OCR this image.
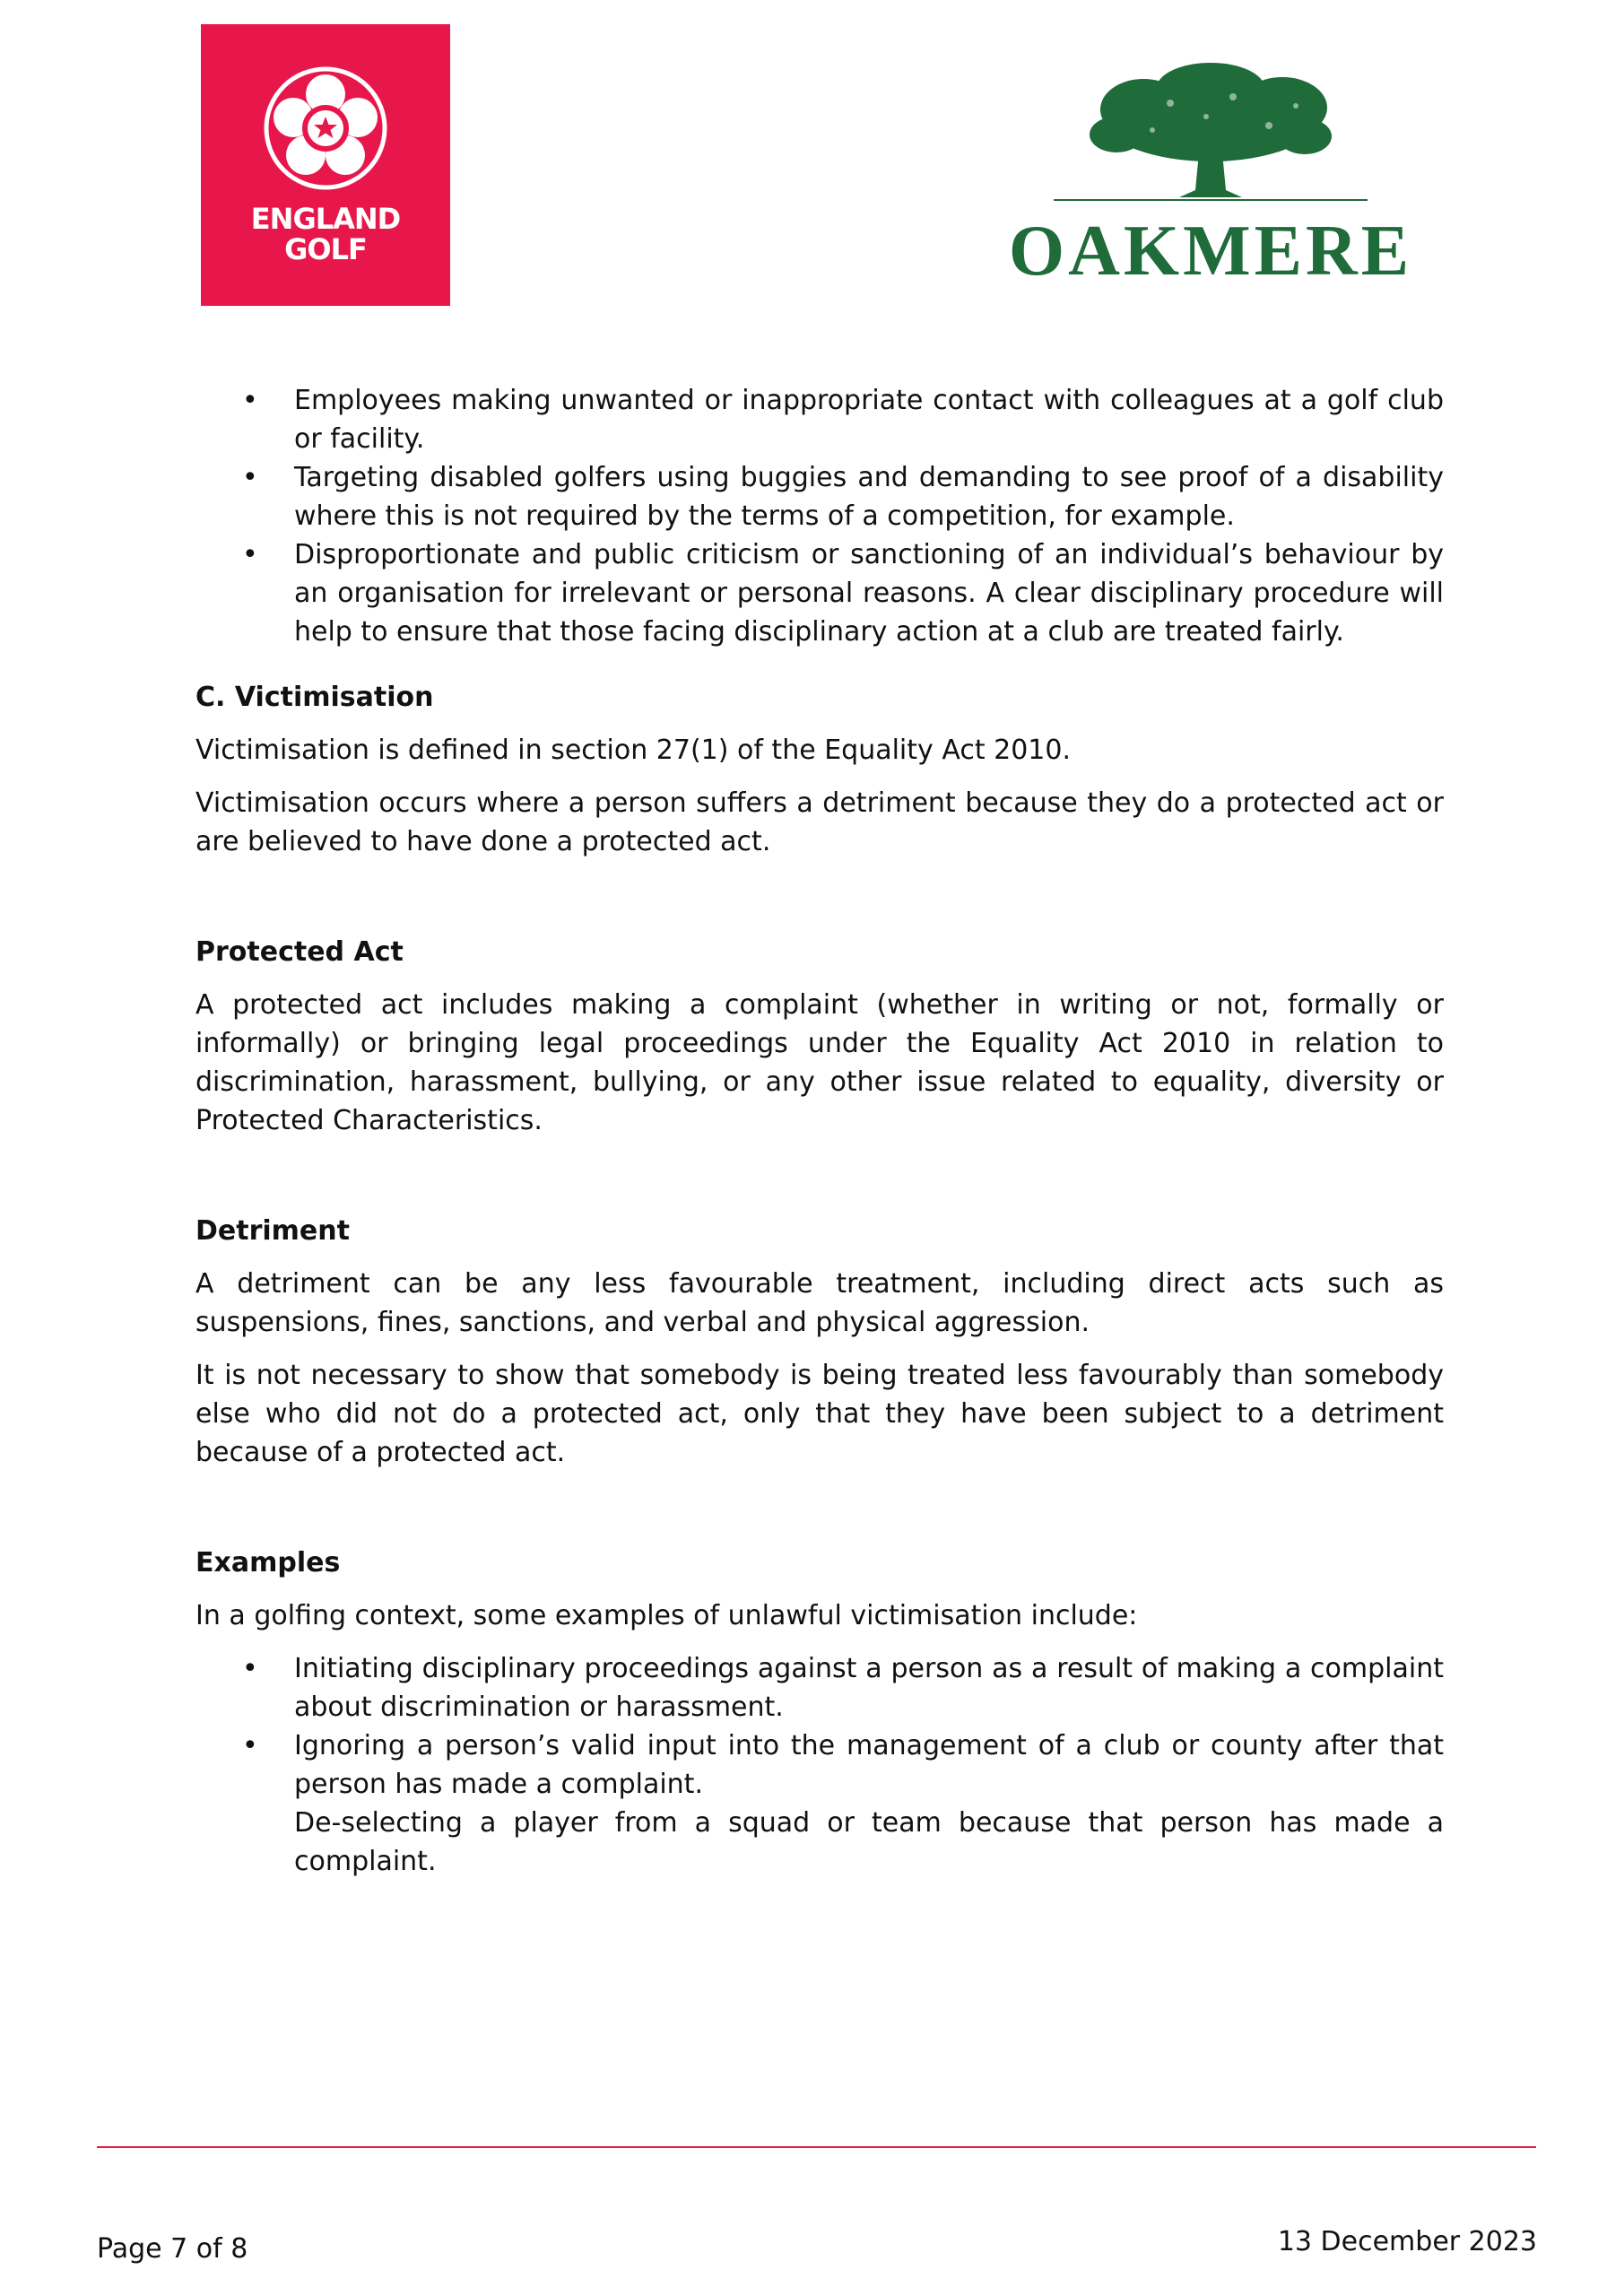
ENGLAND
GOLF	OAKMERE
• Employees making unwanted or inappropriate contact with colleagues at a golf club or facility.
• Targeting disabled golfers using buggies and demanding to see proof of a disability where this is not required by the terms of a competition, for example.
• Disproportionate and public criticism or sanctioning of an individual’s behaviour by an organisation for irrelevant or personal reasons. A clear disciplinary procedure will help to ensure that those facing disciplinary action at a club are treated fairly.
C. Victimisation

Victimisation is defined in section 27(1) of the Equality Act 2010.

Victimisation occurs where a person suffers a detriment because they do a protected act or are believed to have done a protected act.

Protected Act

A protected act includes making a complaint (whether in writing or not, formally or informally) or bringing legal proceedings under the Equality Act 2010 in relation to discrimination, harassment, bullying, or any other issue related to equality, diversity or Protected Characteristics.

Detriment

A detriment can be any less favourable treatment, including direct acts such as suspensions, fines, sanctions, and verbal and physical aggression.

It is not necessary to show that somebody is being treated less favourably than somebody else who did not do a protected act, only that they have been subject to a detriment because of a protected act.

Examples

In a golfing context, some examples of unlawful victimisation include:

• Initiating disciplinary proceedings against a person as a result of making a complaint about discrimination or harassment.
• Ignoring a person’s valid input into the management of a club or county after that person has made a complaint.
De-selecting a player from a squad or team because that person has made a complaint.
Page 7 of 8	13 December 2023
